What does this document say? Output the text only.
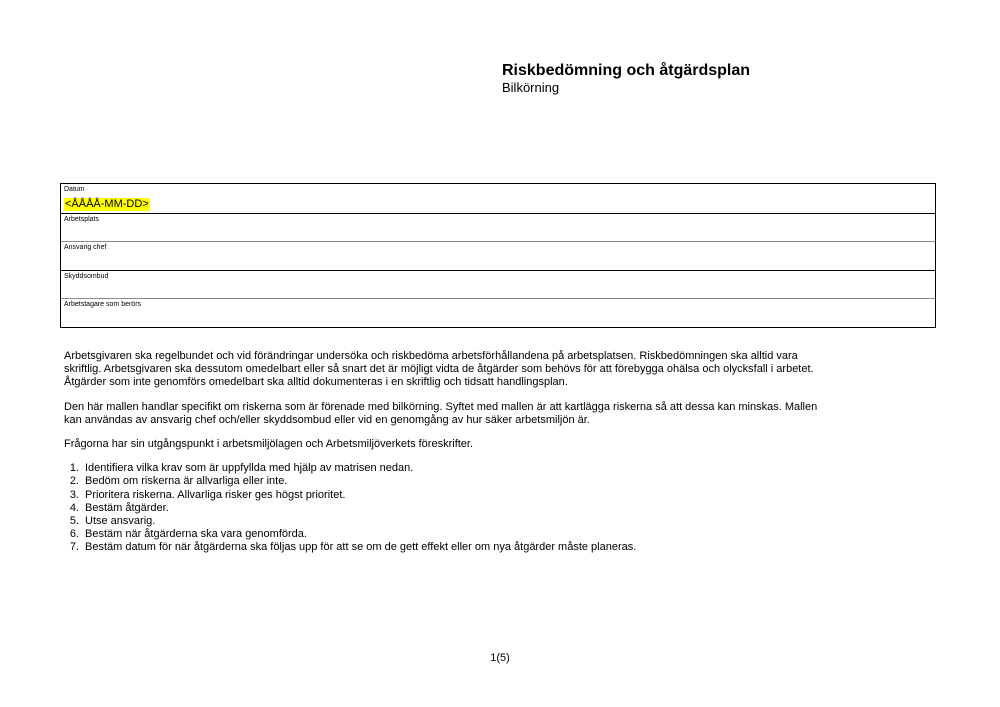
Riskbedömning och åtgärdsplan
Bilkörning
Datum
<ÅÅÅÅ-MM-DD>
Arbetsplats
Ansvarig chef
Skyddsombud
Arbetstagare som berörs

Arbetsgivaren ska regelbundet och vid förändringar undersöka och riskbedöma arbetsförhållandena på arbetsplatsen. Riskbedömningen ska alltid vara skriftlig. Arbetsgivaren ska dessutom omedelbart eller så snart det är möjligt vidta de åtgärder som behövs för att förebygga ohälsa och olycksfall i arbetet. Åtgärder som inte genomförs omedelbart ska alltid dokumenteras i en skriftlig och tidsatt handlingsplan.

Den här mallen handlar specifikt om riskerna som är förenade med bilkörning. Syftet med mallen är att kartlägga riskerna så att dessa kan minskas. Mallen kan användas av ansvarig chef och/eller skyddsombud eller vid en genomgång av hur säker arbetsmiljön är.

Frågorna har sin utgångspunkt i arbetsmiljölagen och Arbetsmiljöverkets föreskrifter.

1. Identifiera vilka krav som är uppfyllda med hjälp av matrisen nedan.
2. Bedöm om riskerna är allvarliga eller inte.
3. Prioritera riskerna. Allvarliga risker ges högst prioritet.
4. Bestäm åtgärder.
5. Utse ansvarig.
6. Bestäm när åtgärderna ska vara genomförda.
7. Bestäm datum för när åtgärderna ska följas upp för att se om de gett effekt eller om nya åtgärder måste planeras.
1(5)
